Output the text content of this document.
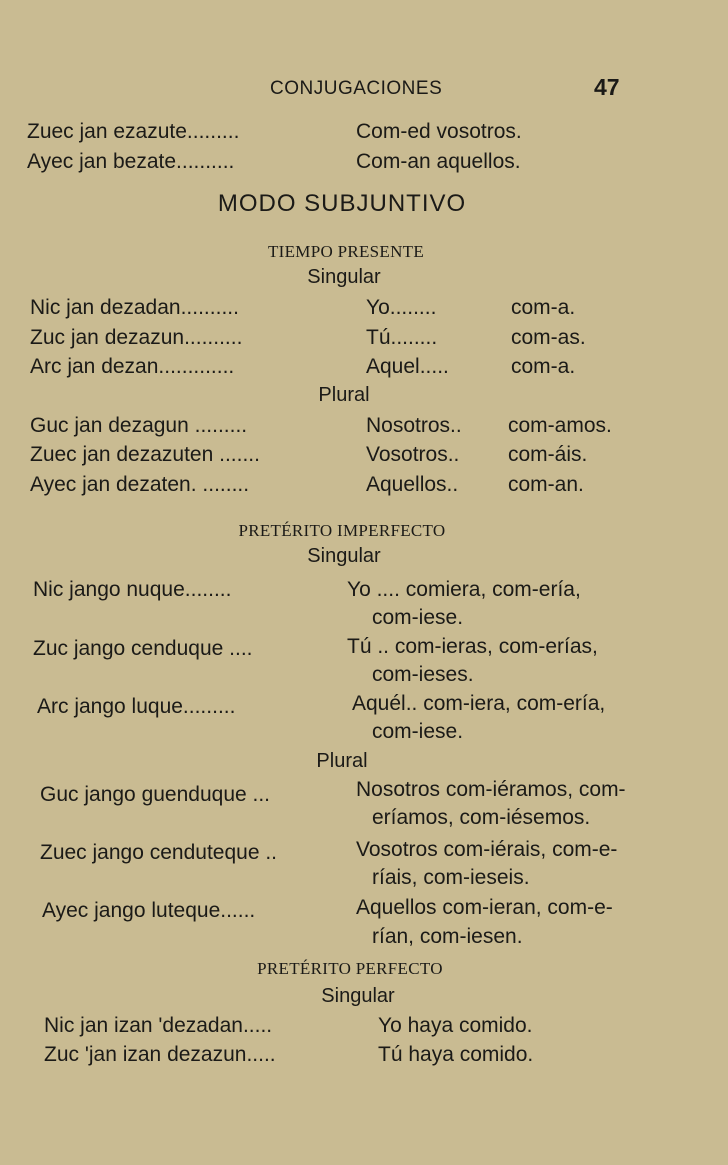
CONJUGACIONES	47
Zuec jan ezazute.........	Com-ed vosotros.
Ayec jan bezate..........	Com-an aquellos.
MODO SUBJUNTIVO
TIEMPO PRESENTE
Singular
Nic jan dezadan..........	Yo........	com-a.
Zuc jan dezazun..........	Tú........	com-as.
Arc jan dezan.............	Aquel.....	com-a.
Plural
Guc jan dezagun .........	Nosotros.. com-amos.
Zuec jan dezazuten .......	Vosotros.. com-áis.
Ayec jan dezaten. ........	Aquellos.. com-an.
PRETÉRITO IMPERFECTO
Singular
Nic jango nuque........	Yo .... comiera, com-ería,
com-iese.
Zuc jango cenduque ....	Tú .. com-ieras, com-erías,
com-ieses.
Arc jango luque.........	Aquél.. com-iera, com-ería,
com-iese.
Plural
Guc jango guenduque ...	Nosotros com-iéramos, com-
eríamos, com-iésemos.
Zuec jango cenduteque ..	Vosotros com-iérais, com-e-
ríais, com-ieseis.
Ayec jango luteque......	Aquellos com-ieran, com-e-
rían, com-iesen.
PRETÉRITO PERFECTO
Singular
Nic jan izan 'dezadan.....	Yo haya comido.
Zuc 'jan izan dezazun.....	Tú haya comido.
